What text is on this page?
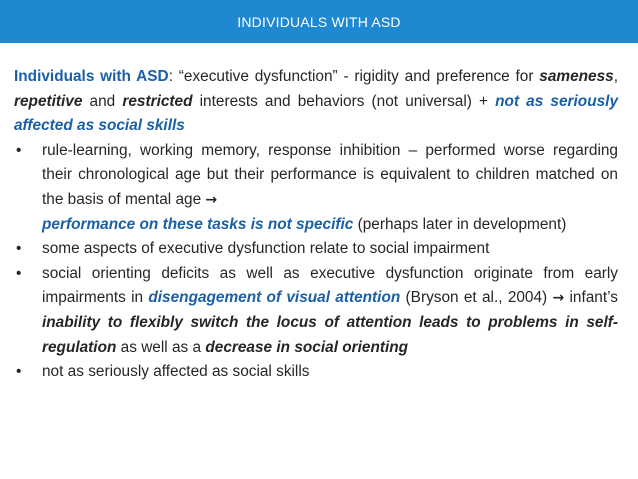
INDIVIDUALS WITH ASD

Individuals with ASD: “executive dysfunction” - rigidity and preference for sameness, repetitive and restricted interests and behaviors (not universal) + not as seriously affected as social skills

• rule-learning, working memory, response inhibition – performed worse regarding their chronological age but their performance is equivalent to children matched on the basis of mental age →
performance on these tasks is not specific (perhaps later in development)
• some aspects of executive dysfunction relate to social impairment
• social orienting deficits as well as executive dysfunction originate from early impairments in disengagement of visual attention (Bryson et al., 2004) → infant’s inability to flexibly switch the locus of attention leads to problems in self-regulation as well as a decrease in social orienting
• not as seriously affected as social skills
